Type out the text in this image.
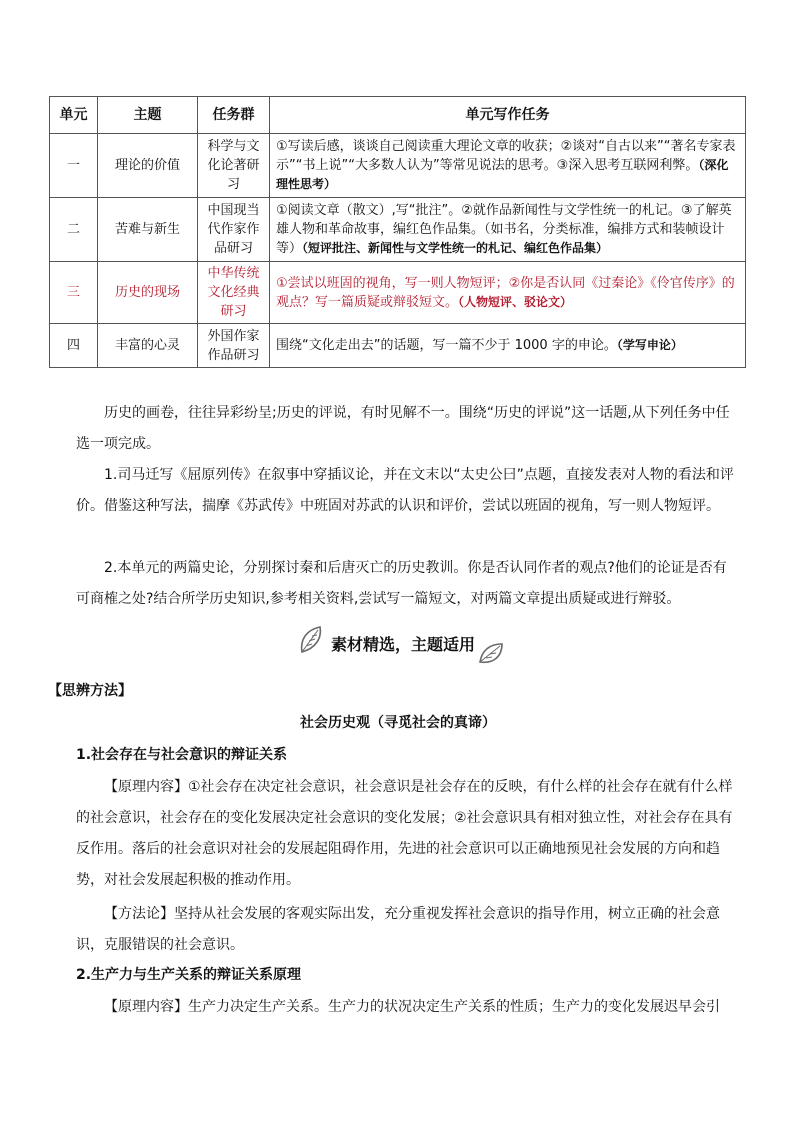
单元	主题	任务群	单元写作任务
一	理论的价值	科学与文化论著研习	①写读后感，谈谈自己阅读重大理论文章的收获；②谈对“自古以来”“著名专家表示”“书上说”“大多数人认为”等常见说法的思考。③深入思考互联网利弊。（深化理性思考）
二	苦难与新生	中国现当代作家作品研习	①阅读文章（散文）,写“批注”。②就作品新闻性与文学性统一的札记。③了解英雄人物和革命故事，编红色作品集。（如书名，分类标准，编排方式和装帧设计等）（短评批注、新闻性与文学性统一的札记、编红色作品集）
三	历史的现场	中华传统文化经典研习	①尝试以班固的视角，写一则人物短评；②你是否认同《过秦论》《伶官传序》的观点？写一篇质疑或辩驳短文。（人物短评、驳论文）
四	丰富的心灵	外国作家作品研习	围绕“文化走出去”的话题，写一篇不少于 1000 字的申论。（学写申论）

历史的画卷，往往异彩纷呈;历史的评说，有时见解不一。围绕“历史的评说”这一话题,从下列任务中任选一项完成。

1.司马迁写《屈原列传》在叙事中穿插议论，并在文末以“太史公曰”点题，直接发表对人物的看法和评价。借鉴这种写法，揣摩《苏武传》中班固对苏武的认识和评价，尝试以班固的视角，写一则人物短评。

2.本单元的两篇史论，分别探讨秦和后唐灭亡的历史教训。你是否认同作者的观点?他们的论证是否有可商榷之处?结合所学历史知识,参考相关资料,尝试写一篇短文，对两篇文章提出质疑或进行辩驳。

素材精选，主题适用

【思辨方法】

社会历史观（寻觅社会的真谛）

1.社会存在与社会意识的辩证关系

【原理内容】①社会存在决定社会意识，社会意识是社会存在的反映，有什么样的社会存在就有什么样的社会意识，社会存在的变化发展决定社会意识的变化发展；②社会意识具有相对独立性，对社会存在具有反作用。落后的社会意识对社会的发展起阻碍作用，先进的社会意识可以正确地预见社会发展的方向和趋势，对社会发展起积极的推动作用。

【方法论】坚持从社会发展的客观实际出发，充分重视发挥社会意识的指导作用，树立正确的社会意识，克服错误的社会意识。

2.生产力与生产关系的辩证关系原理

【原理内容】生产力决定生产关系。生产力的状况决定生产关系的性质；生产力的变化发展迟早会引
